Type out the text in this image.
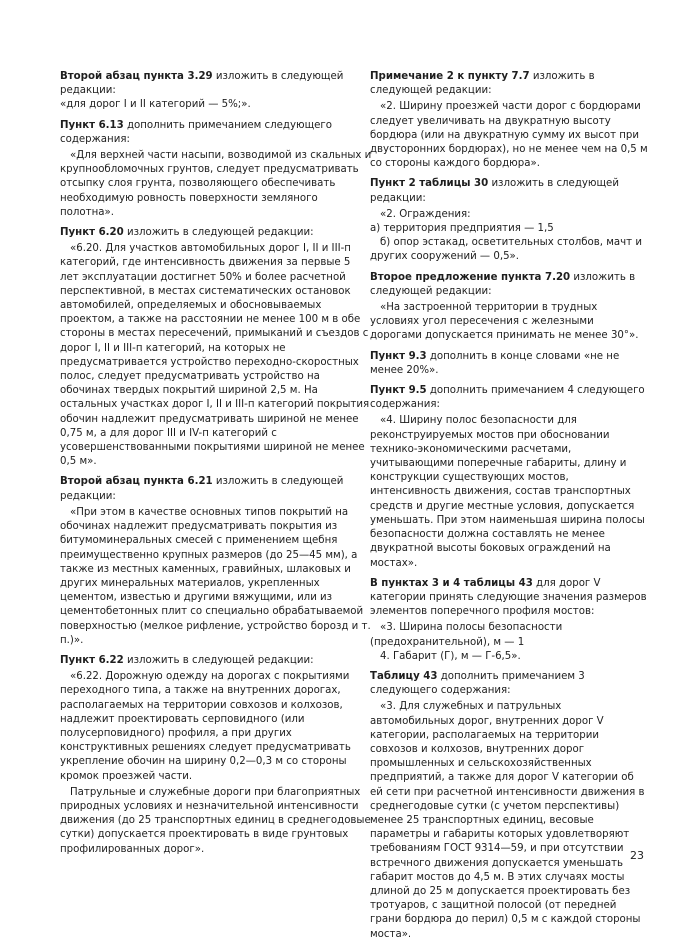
Второй абзац пункта 3.29 изложить в следующей редакции:
«для дорог I и II категорий — 5%;».

Пункт 6.13 дополнить примечанием следующего содержания:

«Для верхней части насыпи, возводимой из скальных и крупнообломочных грунтов, следует предусматривать отсыпку слоя грунта, позволяющего обеспечивать необходимую ровность поверхности земляного полотна».

Пункт 6.20 изложить в следующей редакции:

«6.20. Для участков автомобильных дорог I, II и III-п категорий, где интенсивность движения за первые 5 лет эксплуатации достигнет 50% и более расчетной перспективной, в местах систематических остановок автомобилей, определяемых и обосновываемых проектом, а также на расстоянии не менее 100 м в обе стороны в местах пересечений, примыканий и съездов с дорог I, II и III-п категорий, на которых не предусматривается устройство переходно-скоростных полос, следует предусматривать устройство на обочинах твердых покрытий шириной 2,5 м. На остальных участках дорог I, II и III-п категорий покрытия обочин надлежит предусматривать шириной не менее 0,75 м, а для дорог III и IV-п категорий с усовершенствованными покрытиями шириной не менее 0,5 м».

Второй абзац пункта 6.21 изложить в следующей редакции:

«При этом в качестве основных типов покрытий на обочинах надлежит предусматривать покрытия из битумоминеральных смесей с применением щебня преимущественно крупных размеров (до 25—45 мм), а также из местных каменных, гравийных, шлаковых и других минеральных материалов, укрепленных цементом, известью и другими вяжущими, или из цементобетонных плит со специально обрабатываемой поверхностью (мелкое рифление, устройство борозд и т. п.)».

Пункт 6.22 изложить в следующей редакции:

«6.22. Дорожную одежду на дорогах с покрытиями переходного типа, а также на внутренних дорогах, располагаемых на территории совхозов и колхозов, надлежит проектировать серповидного (или полусерповидного) профиля, а при других конструктивных решениях следует предусматривать укрепление обочин на ширину 0,2—0,3 м со стороны кромок проезжей части.

Патрульные и служебные дороги при благоприятных природных условиях и незначительной интенсивности движения (до 25 транспортных единиц в среднегодовые сутки) допускается проектировать в виде грунтовых профилированных дорог».

Примечание 2 к пункту 7.7 изложить в следующей редакции:

«2. Ширину проезжей части дорог с бордюрами следует увеличивать на двукратную высоту бордюра (или на двукратную сумму их высот при двусторонних бордюрах), но не менее чем на 0,5 м со стороны каждого бордюра».

Пункт 2 таблицы 30 изложить в следующей редакции:

«2. Ограждения:

а) территория предприятия — 1,5

б) опор эстакад, осветительных столбов, мачт и других сооружений — 0,5».

Второе предложение пункта 7.20 изложить в следующей редакции:

«На застроенной территории в трудных условиях угол пересечения с железными дорогами допускается принимать не менее 30°».

Пункт 9.3 дополнить в конце словами «не не менее 20%».

Пункт 9.5 дополнить примечанием 4 следующего содержания:

«4. Ширину полос безопасности для реконструируемых мостов при обосновании технико-экономическими расчетами, учитывающими поперечные габариты, длину и конструкции существующих мостов, интенсивность движения, состав транспортных средств и другие местные условия, допускается уменьшать. При этом наименьшая ширина полосы безопасности должна составлять не менее двукратной высоты боковых ограждений на мостах».

В пунктах 3 и 4 таблицы 43 для дорог V категории принять следующие значения размеров элементов поперечного профиля мостов:

«3. Ширина полосы безопасности (предохранительной), м — 1

4. Габарит (Г), м — Г-6,5».

Таблицу 43 дополнить примечанием 3 следующего содержания:

«3. Для служебных и патрульных автомобильных дорог, внутренних дорог V категории, располагаемых на территории совхозов и колхозов, внутренних дорог промышленных и сельскохозяйственных предприятий, а также для дорог V категории об ей сети при расчетной интенсивности движения в среднегодовые сутки (с учетом перспективы) менее 25 транспортных единиц, весовые параметры и габариты которых удовлетворяют требованиям ГОСТ 9314—59, и при отсутствии встречного движения допускается уменьшать габарит мостов до 4,5 м. В этих случаях мосты длиной до 25 м допускается проектировать без тротуаров, с защитной полосой (от передней грани бордюра до перил) 0,5 м с каждой стороны моста».

23
